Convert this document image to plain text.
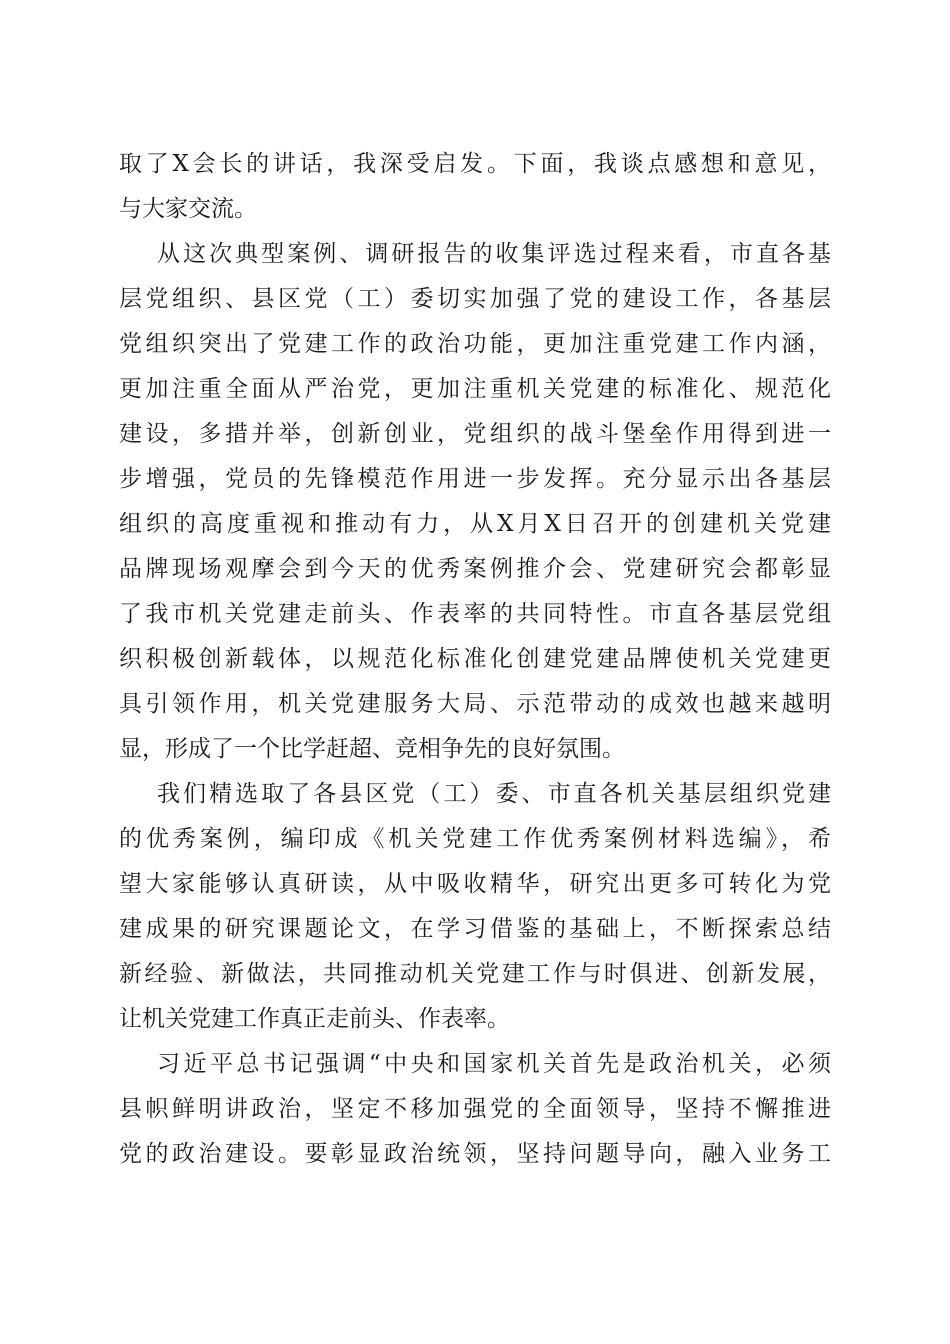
取了X会长的讲话，我深受启发。下面，我谈点感想和意见，
与大家交流。
从这次典型案例、调研报告的收集评选过程来看，市直各基
层党组织、县区党（工）委切实加强了党的建设工作，各基层
党组织突出了党建工作的政治功能，更加注重党建工作内涵，
更加注重全面从严治党，更加注重机关党建的标准化、规范化
建设，多措并举，创新创业，党组织的战斗堡垒作用得到进一
步增强，党员的先锋模范作用进一步发挥。充分显示出各基层
组织的高度重视和推动有力，从X月X日召开的创建机关党建
品牌现场观摩会到今天的优秀案例推介会、党建研究会都彰显
了我市机关党建走前头、作表率的共同特性。市直各基层党组
织积极创新载体，以规范化标准化创建党建品牌使机关党建更
具引领作用，机关党建服务大局、示范带动的成效也越来越明
显，形成了一个比学赶超、竞相争先的良好氛围。
我们精选取了各县区党（工）委、市直各机关基层组织党建
的优秀案例，编印成《机关党建工作优秀案例材料选编》，希
望大家能够认真研读，从中吸收精华，研究出更多可转化为党
建成果的研究课题论文，在学习借鉴的基础上，不断探索总结
新经验、新做法，共同推动机关党建工作与时俱进、创新发展，
让机关党建工作真正走前头、作表率。
习近平总书记强调“中央和国家机关首先是政治机关，必须
县帜鲜明讲政治，坚定不移加强党的全面领导，坚持不懈推进
党的政治建设。要彰显政治统领，坚持问题导向，融入业务工
